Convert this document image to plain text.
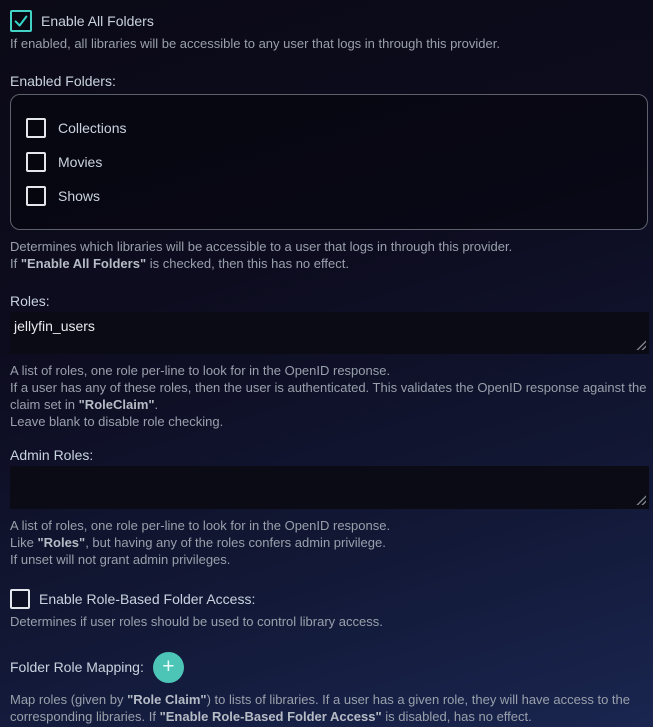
Enable All Folders
If enabled, all libraries will be accessible to any user that logs in through this provider.
Enabled Folders:
Collections
Movies
Shows
Determines which libraries will be accessible to a user that logs in through this provider.
If "Enable All Folders" is checked, then this has no effect.
Roles:
jellyfin_users
A list of roles, one role per-line to look for in the OpenID response.
If a user has any of these roles, then the user is authenticated. This validates the OpenID response against the
claim set in "RoleClaim".
Leave blank to disable role checking.
Admin Roles:
A list of roles, one role per-line to look for in the OpenID response.
Like "Roles", but having any of the roles confers admin privilege.
If unset will not grant admin privileges.
Enable Role-Based Folder Access:
Determines if user roles should be used to control library access.
Folder Role Mapping: +
Map roles (given by "Role Claim") to lists of libraries. If a user has a given role, they will have access to the
corresponding libraries. If "Enable Role-Based Folder Access" is disabled, has no effect.
